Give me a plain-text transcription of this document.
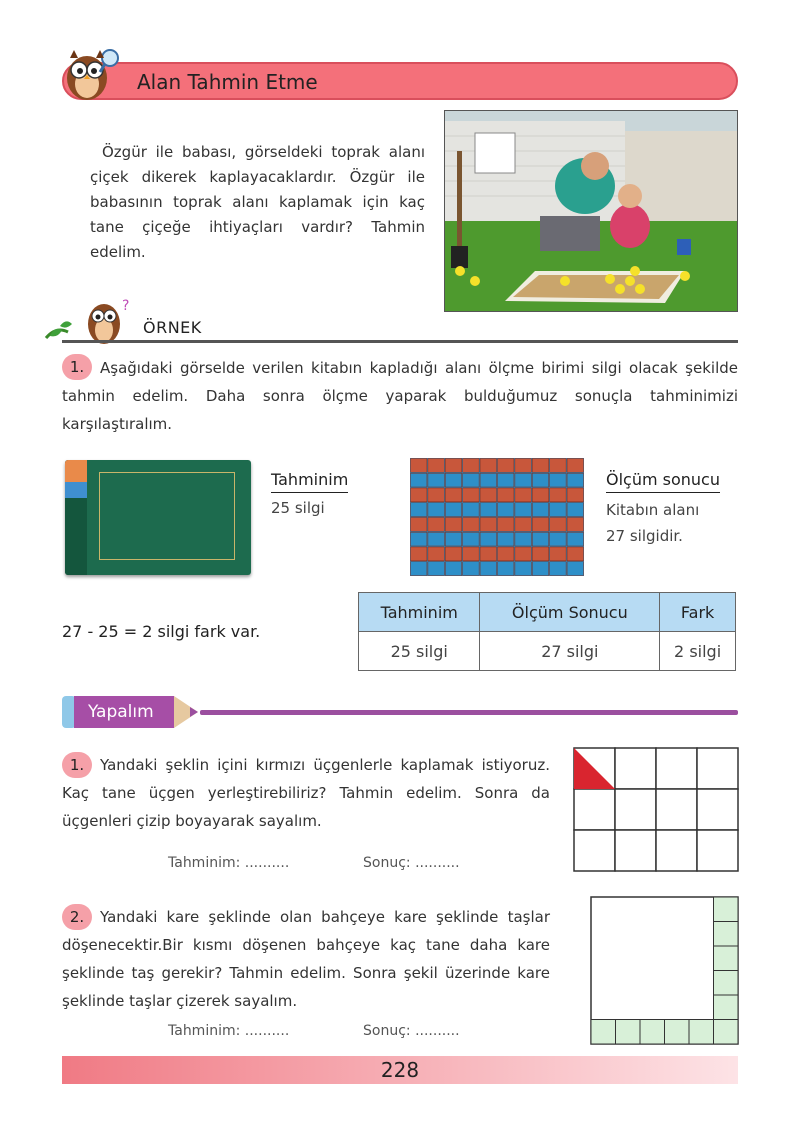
Alan Tahmin Etme

Özgür ile babası, görseldeki toprak alanı çiçek dikerek kaplayacaklardır. Özgür ile babasının toprak alanı kaplamak için kaç tane çiçeğe ihtiyaçları vardır? Tahmin edelim.

?
ÖRNEK
1.	Aşağıdaki görselde verilen kitabın kapladığı alanı ölçme birimi silgi olacak şekilde tahmin edelim. Daha sonra ölçme yaparak bulduğumuz sonuçla tahminimizi karşılaştıralım.
Tahminim
25 silgi
Ölçüm sonucu
Kitabın alanı
27 silgidir.
27 - 25 = 2 silgi fark var.
Tahminim	Ölçüm Sonucu	Fark
25 silgi	27 silgi	2 silgi
Yapalım
1.	Yandaki şeklin içini kırmızı üçgenlerle kaplamak istiyoruz. Kaç tane üçgen yerleştirebiliriz? Tahmin edelim. Sonra da üçgenleri çizip boyayarak sayalım.
Tahminim: ..........	Sonuç: ..........
2.	Yandaki kare şeklinde olan bahçeye kare şeklinde taşlar döşenecektir.Bir kısmı döşenen bahçeye kaç tane daha kare şeklinde taş gerekir? Tahmin edelim. Sonra şekil üzerinde kare şeklinde taşlar çizerek sayalım.
Tahminim: ..........	Sonuç: ..........
228
